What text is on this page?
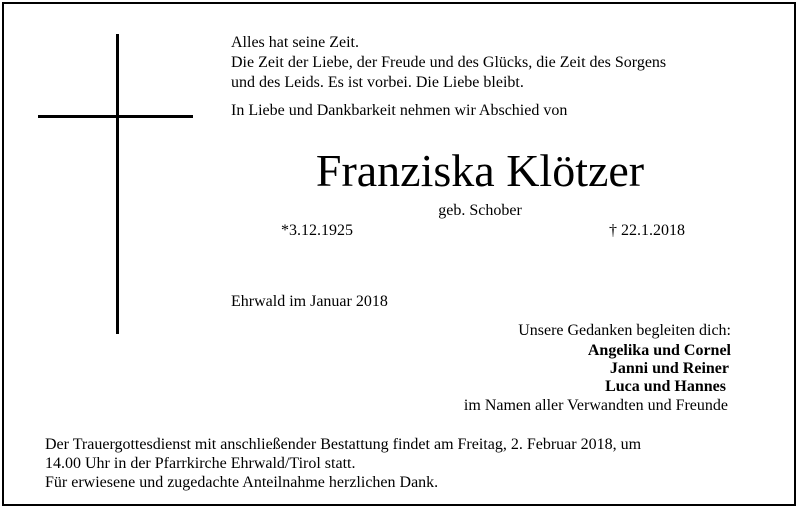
Alles hat seine Zeit.
Die Zeit der Liebe, der Freude und des Glücks, die Zeit des Sorgens
und des Leids. Es ist vorbei. Die Liebe bleibt.
In Liebe und Dankbarkeit nehmen wir Abschied von
Franziska Klötzer
geb. Schober
*3.12.1925	† 22.1.2018
Ehrwald im Januar 2018
Unsere Gedanken begleiten dich:
Angelika und Cornel
Janni und Reiner
Luca und Hannes
im Namen aller Verwandten und Freunde
Der Trauergottesdienst mit anschließender Bestattung findet am Freitag, 2. Februar 2018, um
14.00 Uhr in der Pfarrkirche Ehrwald/Tirol statt.
Für erwiesene und zugedachte Anteilnahme herzlichen Dank.
